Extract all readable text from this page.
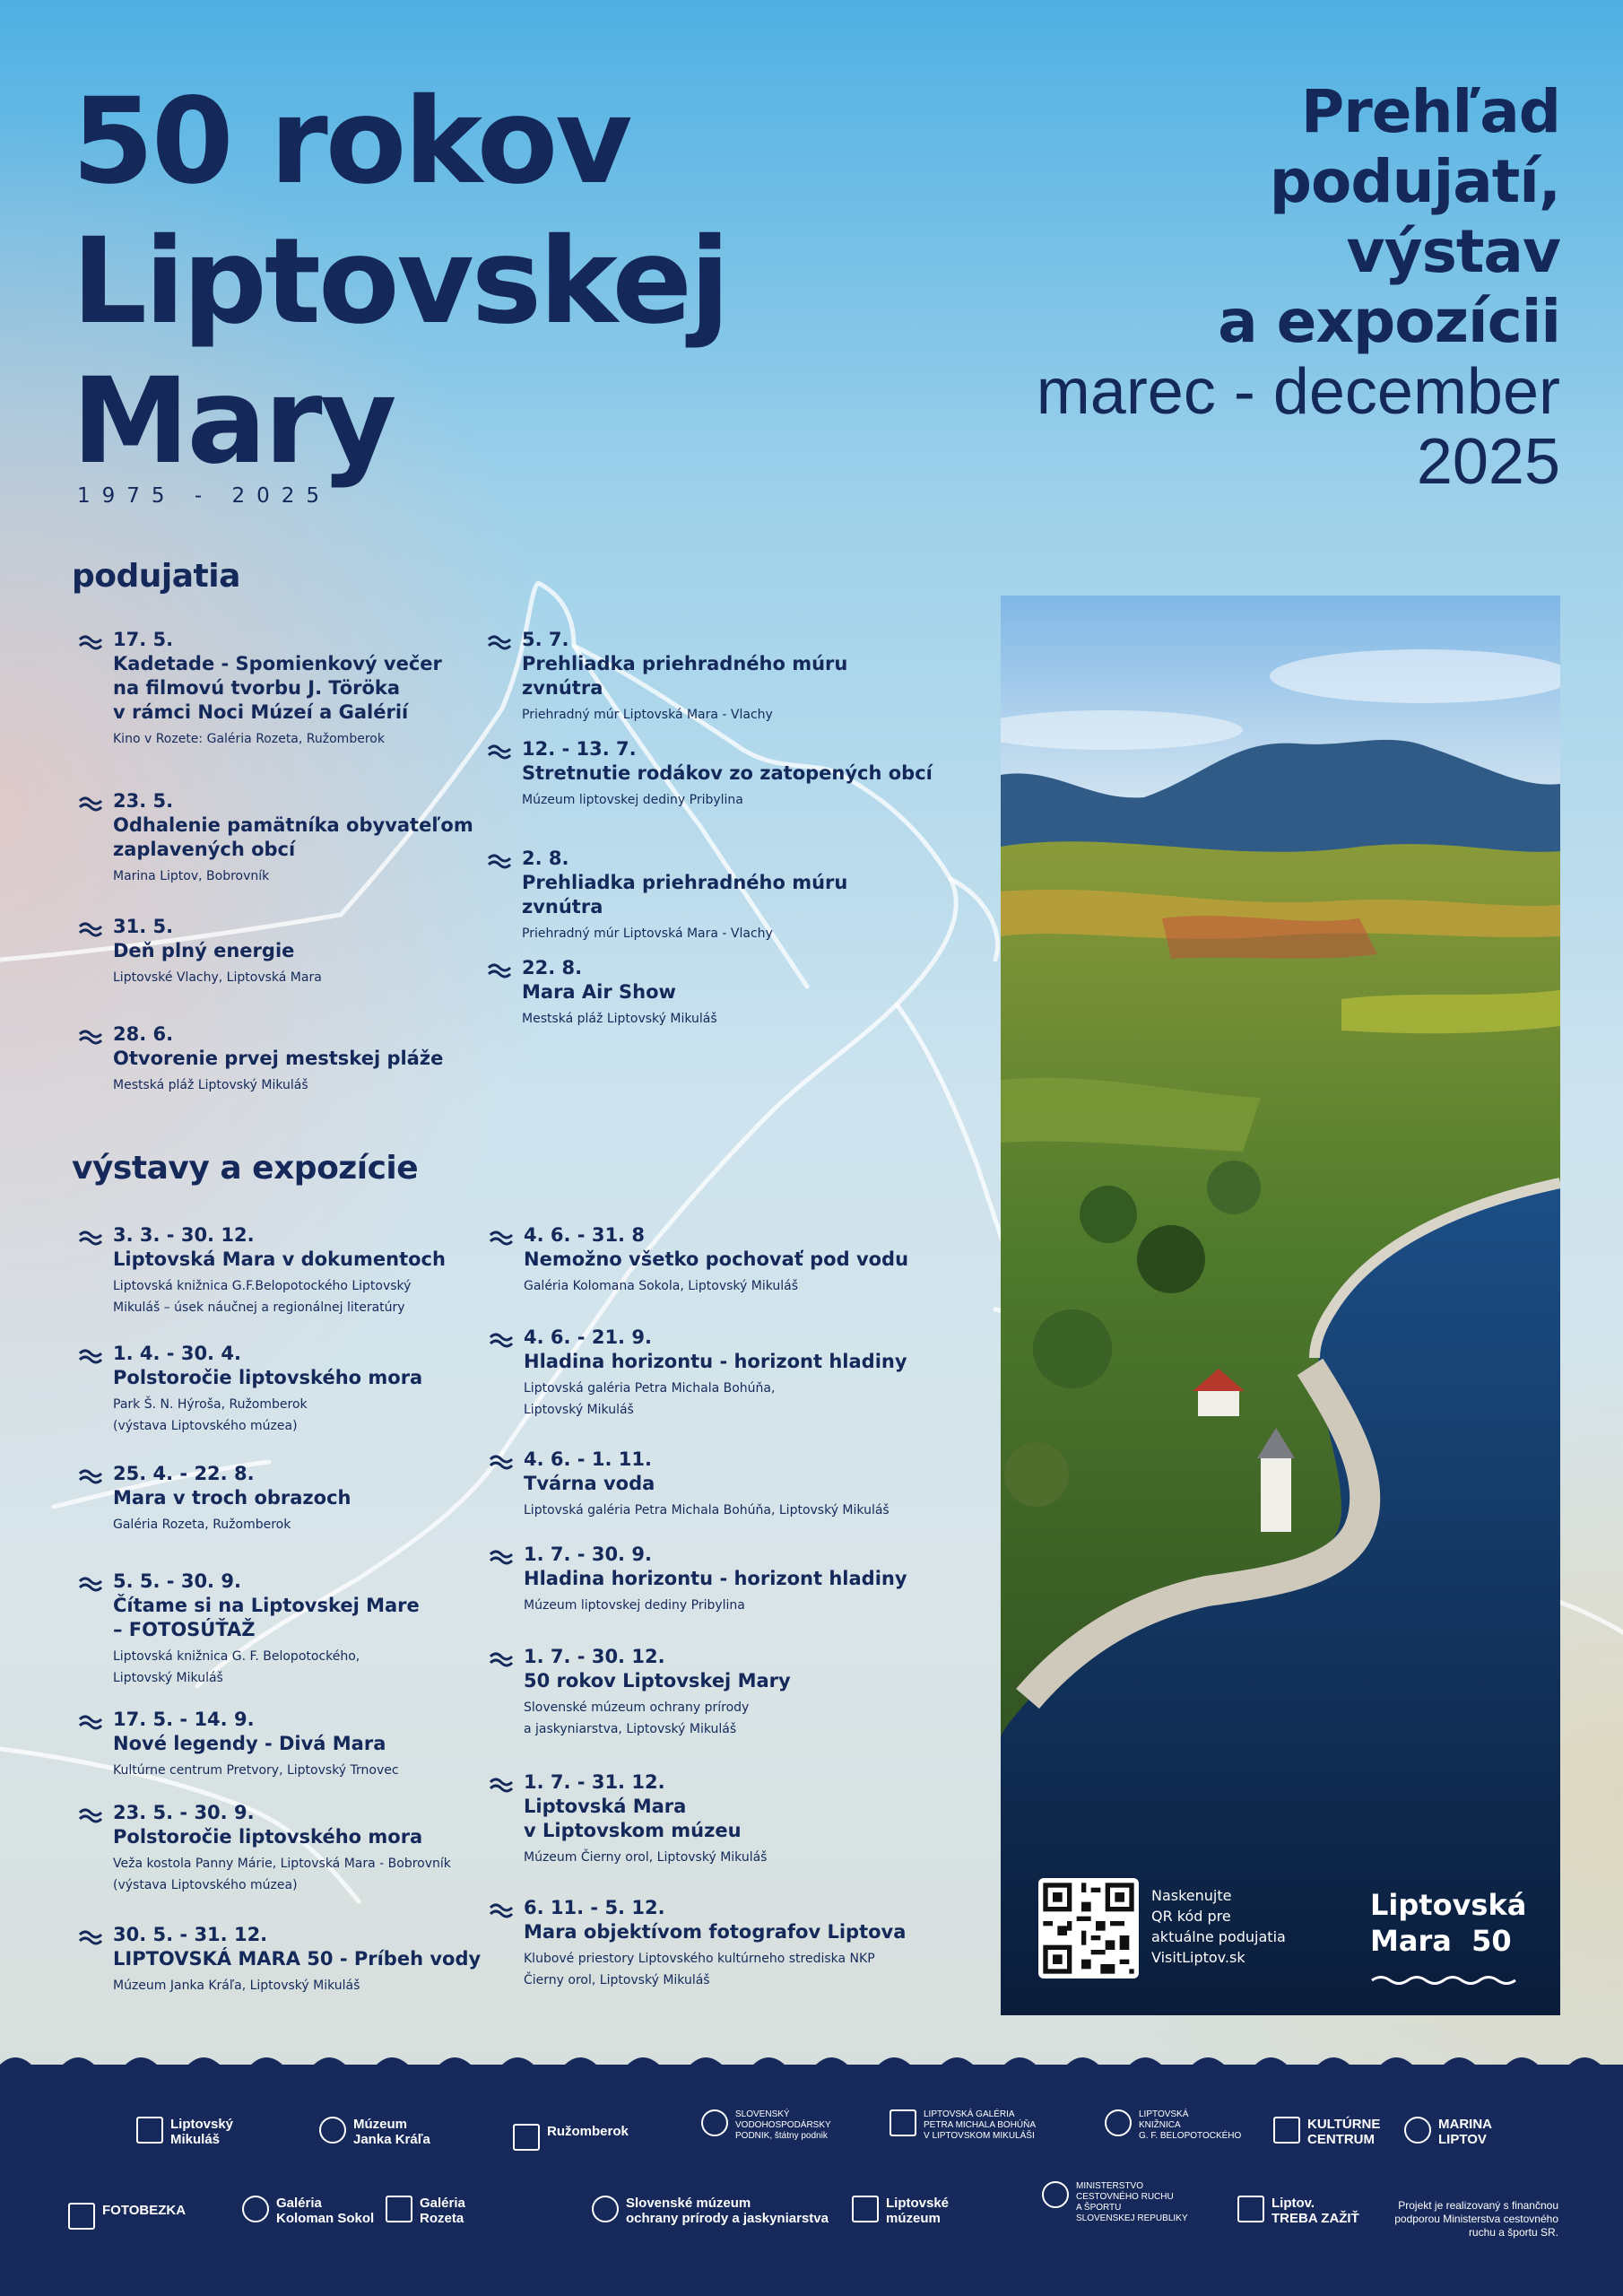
50 rokov
Liptovskej
Mary
1975 - 2025
Prehľad
podujatí,
výstav
a expozícii
marec - december
2025
podujatia
výstavy a expozície
17. 5.
Kadetade - Spomienkový večer
na filmovú tvorbu J. Töröka
v rámci Noci Múzeí a Galérií
Kino v Rozete: Galéria Rozeta, Ružomberok
23. 5.
Odhalenie pamätníka obyvateľom
zaplavených obcí
Marina Liptov, Bobrovník
31. 5.
Deň plný energie
Liptovské Vlachy, Liptovská Mara
28. 6.
Otvorenie prvej mestskej pláže
Mestská pláž Liptovský Mikuláš
5. 7.
Prehliadka priehradného múru zvnútra
Priehradný múr Liptovská Mara - Vlachy
12. - 13. 7.
Stretnutie rodákov zo zatopených obcí
Múzeum liptovskej dediny Pribylina
2. 8.
Prehliadka priehradného múru zvnútra
Priehradný múr Liptovská Mara - Vlachy
22. 8.
Mara Air Show
Mestská pláž Liptovský Mikuláš
3. 3. - 30. 12.
Liptovská Mara v dokumentoch
Liptovská knižnica G.F.Belopotockého Liptovský
Mikuláš – úsek náučnej a regionálnej literatúry
1. 4. - 30. 4.
Polstoročie liptovského mora
Park Š. N. Hýroša, Ružomberok
(výstava Liptovského múzea)
25. 4. - 22. 8.
Mara v troch obrazoch
Galéria Rozeta, Ružomberok
5. 5. - 30. 9.
Čítame si na Liptovskej Mare
– FOTOSÚŤAŽ
Liptovská knižnica G. F. Belopotockého,
Liptovský Mikuláš
17. 5. - 14. 9.
Nové legendy - Divá Mara
Kultúrne centrum Pretvory, Liptovský Trnovec
23. 5. - 30. 9.
Polstoročie liptovského mora
Veža kostola Panny Márie, Liptovská Mara - Bobrovník
(výstava Liptovského múzea)
30. 5. - 31. 12.
LIPTOVSKÁ MARA 50 - Príbeh vody
Múzeum Janka Kráľa, Liptovský Mikuláš
4. 6. - 31. 8
Nemožno všetko pochovať pod vodu
Galéria Kolomana Sokola, Liptovský Mikuláš
4. 6. - 21. 9.
Hladina horizontu - horizont hladiny
Liptovská galéria Petra Michala Bohúňa,
Liptovský Mikuláš
4. 6. - 1. 11.
Tvárna voda
Liptovská galéria Petra Michala Bohúňa, Liptovský Mikuláš
1. 7. - 30. 9.
Hladina horizontu - horizont hladiny
Múzeum liptovskej dediny Pribylina
1. 7. - 30. 12.
50 rokov Liptovskej Mary
Slovenské múzeum ochrany prírody
a jaskyniarstva, Liptovský Mikuláš
1. 7. - 31. 12.
Liptovská Mara
v Liptovskom múzeu
Múzeum Čierny orol, Liptovský Mikuláš
6. 11. - 5. 12.
Mara objektívom fotografov Liptova
Klubové priestory Liptovského kultúrneho strediska NKP
Čierny orol, Liptovský Mikuláš
Naskenujte
QR kód pre
aktuálne podujatia
VisitLiptov.sk
Liptovská
Mara  50
Liptovský
Mikuláš
Múzeum
Janka Kráľa
Ružomberok
SLOVENSKÝ
VODOHOSPODÁRSKY
PODNIK, štátny podnik
LIPTOVSKÁ GALÉRIA
PETRA MICHALA BOHÚŇA
V LIPTOVSKOM MIKULÁŠI
LIPTOVSKÁ
KNIŽNICA
G. F. BELOPOTOCKÉHO
KULTÚRNE
CENTRUM
MARINA
LIPTOV
FOTOBEZKA	Galéria
Koloman Sokol
Galéria
Rozeta
Slovenské múzeum
ochrany prírody a jaskyniarstva
Liptovské
múzeum
MINISTERSTVO
CESTOVNÉHO RUCHU
A ŠPORTU
SLOVENSKEJ REPUBLIKY
Liptov.
TREBA ZAŽIŤ
Projekt je realizovaný s finančnou
podporou Ministerstva cestovného
ruchu a športu SR.
